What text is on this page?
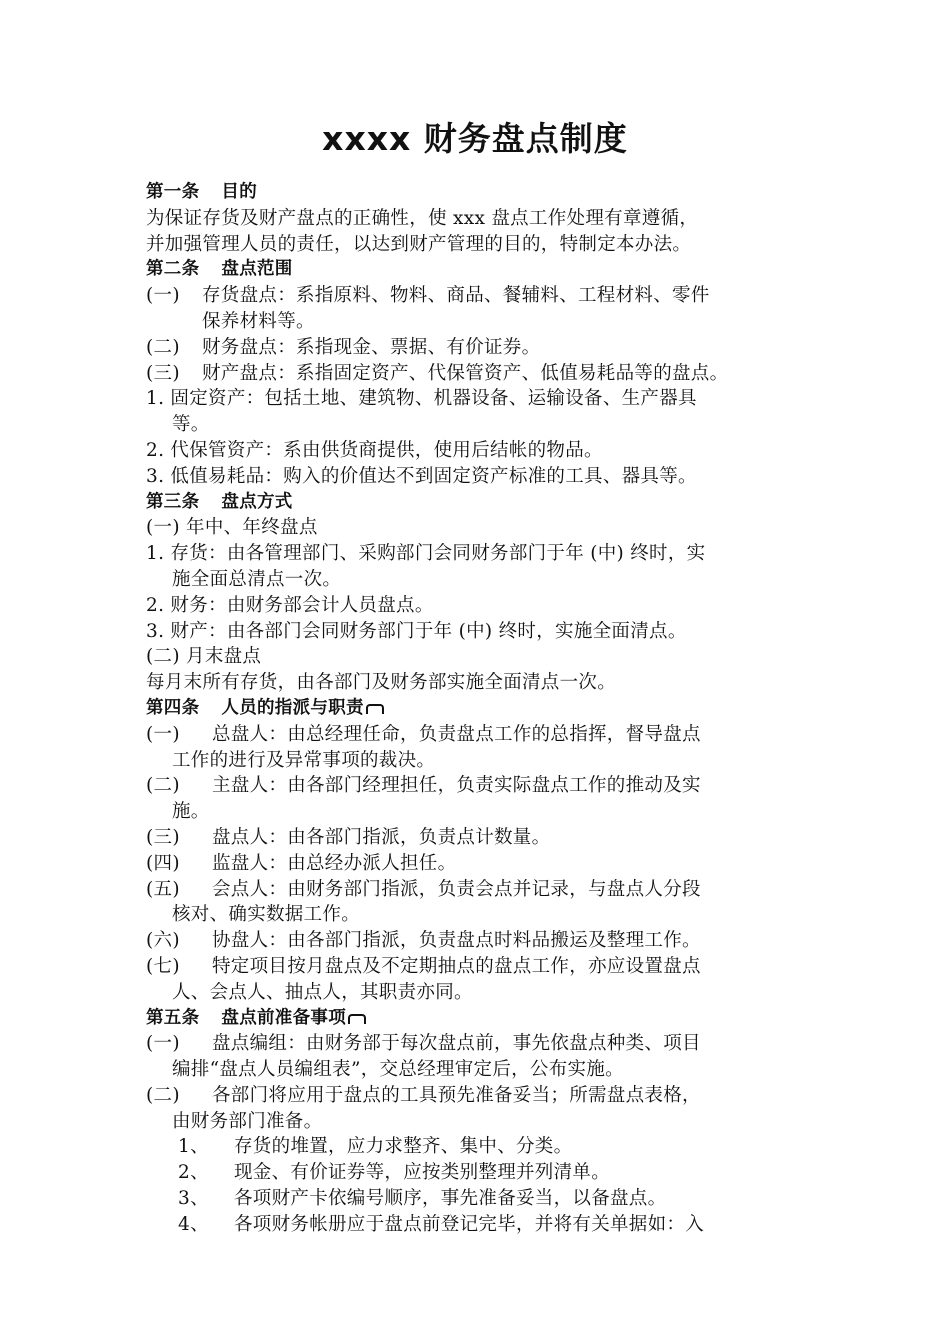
xxxx 财务盘点制度
第一条 目的
为保证存货及财产盘点的正确性，使 xxx 盘点工作处理有章遵循，
并加强管理人员的责任，以达到财产管理的目的，特制定本办法。
第二条 盘点范围
(一) 存货盘点：系指原料、物料、商品、餐辅料、工程材料、零件
保养材料等。
(二) 财务盘点：系指现金、票据、有价证券。
(三) 财产盘点：系指固定资产、代保管资产、低值易耗品等的盘点。
1. 固定资产：包括土地、建筑物、机器设备、运输设备、生产器具
等。
2. 代保管资产：系由供货商提供，使用后结帐的物品。
3. 低值易耗品：购入的价值达不到固定资产标准的工具、器具等。
第三条 盘点方式
(一) 年中、年终盘点
1. 存货：由各管理部门、采购部门会同财务部门于年 (中) 终时，实
施全面总清点一次。
2. 财务：由财务部会计人员盘点。
3. 财产：由各部门会同财务部门于年 (中) 终时，实施全面清点。
(二) 月末盘点
每月末所有存货，由各部门及财务部实施全面清点一次。
第四条 人员的指派与职责
(一) 总盘人：由总经理任命，负责盘点工作的总指挥，督导盘点
工作的进行及异常事项的裁决。
(二) 主盘人：由各部门经理担任，负责实际盘点工作的推动及实
施。
(三) 盘点人：由各部门指派，负责点计数量。
(四) 监盘人：由总经办派人担任。
(五) 会点人：由财务部门指派，负责会点并记录，与盘点人分段
核对、确实数据工作。
(六) 协盘人：由各部门指派，负责盘点时料品搬运及整理工作。
(七) 特定项目按月盘点及不定期抽点的盘点工作，亦应设置盘点
人、会点人、抽点人，其职责亦同。
第五条 盘点前准备事项
(一) 盘点编组：由财务部于每次盘点前，事先依盘点种类、项目
编排“盘点人员编组表”，交总经理审定后，公布实施。
(二) 各部门将应用于盘点的工具预先准备妥当；所需盘点表格，
由财务部门准备。
1、 存货的堆置，应力求整齐、集中、分类。
2、 现金、有价证券等，应按类别整理并列清单。
3、 各项财产卡依编号顺序，事先准备妥当，以备盘点。
4、 各项财务帐册应于盘点前登记完毕，并将有关单据如：入
